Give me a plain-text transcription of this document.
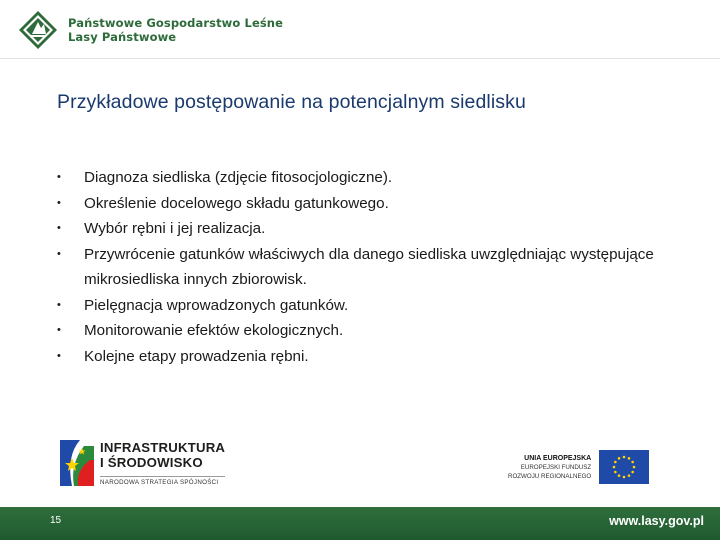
Państwowe Gospodarstwo Leśne
Lasy Państwowe
Przykładowe postępowanie na potencjalnym siedlisku
• Diagnoza siedliska (zdjęcie fitosocjologiczne).
• Określenie docelowego składu gatunkowego.
• Wybór rębni i jej realizacja.
• Przywrócenie gatunków właściwych dla danego siedliska uwzględniając występujące mikrosiedliska innych zbiorowisk.
• Pielęgnacja wprowadzonych gatunków.
• Monitorowanie efektów ekologicznych.
• Kolejne etapy prowadzenia rębni.
INFRASTRUKTURA
I ŚRODOWISKO
NARODOWA STRATEGIA SPÓJNOŚCI
UNIA EUROPEJSKA
EUROPEJSKI FUNDUSZ
ROZWOJU REGIONALNEGO
15	www.lasy.gov.pl
